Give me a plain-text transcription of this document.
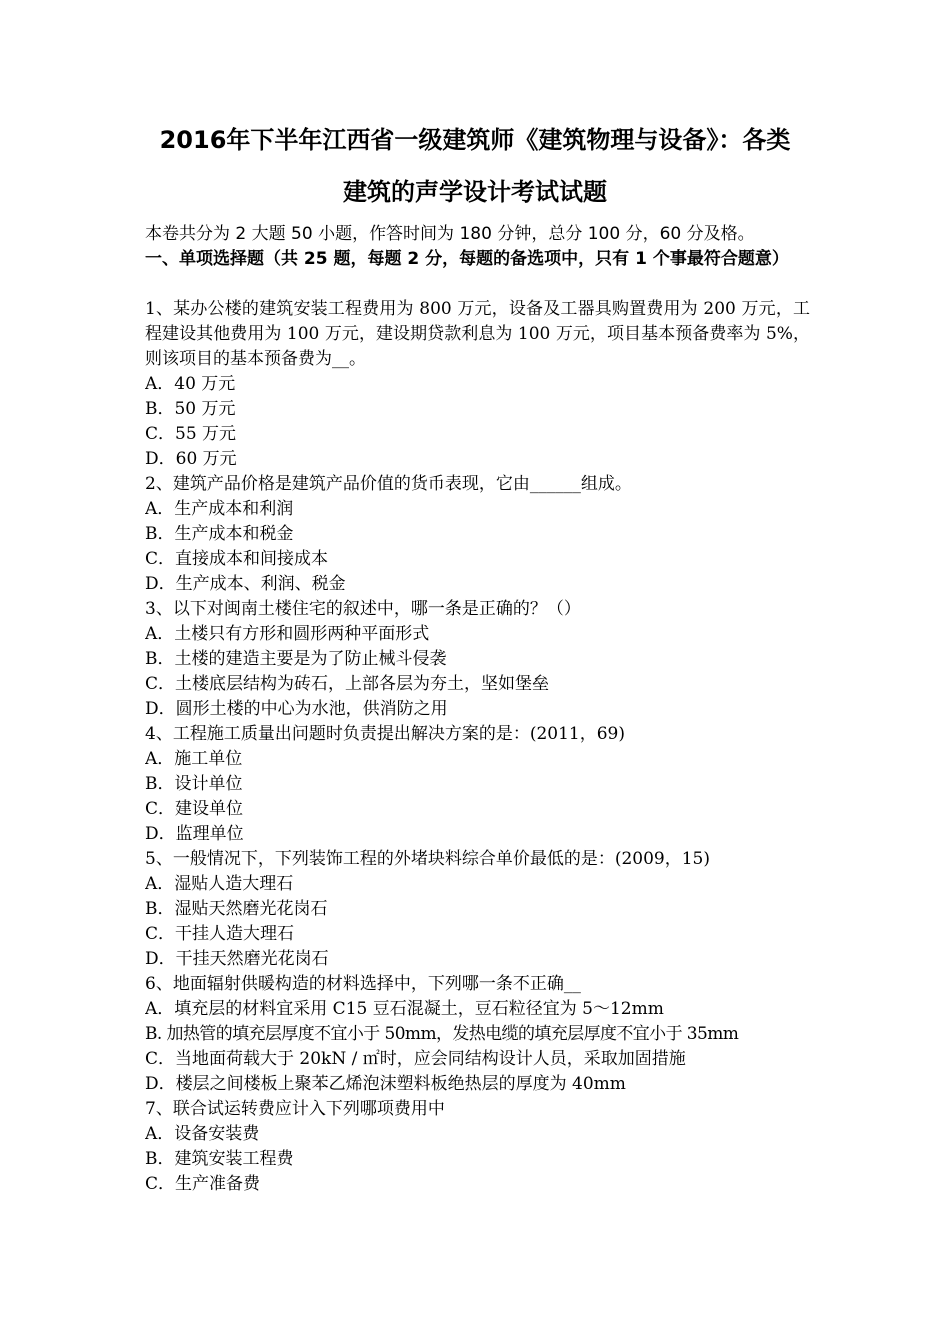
2016年下半年江西省一级建筑师《建筑物理与设备》：各类
建筑的声学设计考试试题
本卷共分为 2 大题 50 小题，作答时间为 180 分钟，总分 100 分，60 分及格。
一、单项选择题（共 25 题，每题 2 分，每题的备选项中，只有 1 个事最符合题意）
1、某办公楼的建筑安装工程费用为 800 万元，设备及工器具购置费用为 200 万元，工程建设其他费用为 100 万元，建设期贷款利息为 100 万元，项目基本预备费率为 5%，则该项目的基本预备费为__。
A．40 万元
B．50 万元
C．55 万元
D．60 万元
2、建筑产品价格是建筑产品价值的货币表现，它由______组成。
A．生产成本和利润
B．生产成本和税金
C．直接成本和间接成本
D．生产成本、利润、税金
3、以下对闽南土楼住宅的叙述中，哪一条是正确的？（）
A．土楼只有方形和圆形两种平面形式
B．土楼的建造主要是为了防止械斗侵袭
C．土楼底层结构为砖石，上部各层为夯土，坚如堡垒
D．圆形土楼的中心为水池，供消防之用
4、工程施工质量出问题时负责提出解决方案的是：(2011，69)
A．施工单位
B．设计单位
C．建设单位
D．监理单位
5、一般情况下，下列装饰工程的外堵块料综合单价最低的是：(2009，15)
A．湿贴人造大理石
B．湿贴天然磨光花岗石
C．干挂人造大理石
D．干挂天然磨光花岗石
6、地面辐射供暖构造的材料选择中，下列哪一条不正确__
A．填充层的材料宜采用 C15 豆石混凝土，豆石粒径宜为 5～12mm
B. 加热管的填充层厚度不宜小于 50mm，发热电缆的填充层厚度不宜小于 35mm
C．当地面荷载大于 20kN / ㎡时，应会同结构设计人员，采取加固措施
D．楼层之间楼板上聚苯乙烯泡沫塑料板绝热层的厚度为 40mm
7、联合试运转费应计入下列哪项费用中
A．设备安装费
B．建筑安装工程费
C．生产准备费
